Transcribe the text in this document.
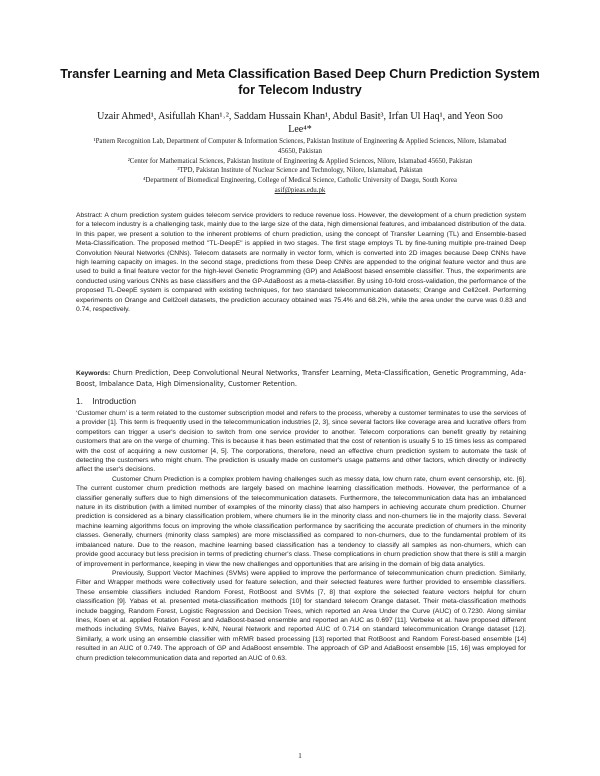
Transfer Learning and Meta Classification Based Deep Churn Prediction System for Telecom Industry
Uzair Ahmed¹, Asifullah Khan¹˒², Saddam Hussain Khan¹, Abdul Basit³, Irfan Ul Haq¹, and Yeon Soo Lee⁴*
¹Pattern Recognition Lab, Department of Computer & Information Sciences, Pakistan Institute of Engineering & Applied Sciences, Nilore, Islamabad 45650, Pakistan
²Center for Mathematical Sciences, Pakistan Institute of Engineering & Applied Sciences, Nilore, Islamabad 45650, Pakistan
³TPD, Pakistan Institute of Nuclear Science and Technology, Nilore, Islamabad, Pakistan
⁴Department of Biomedical Engineering, College of Medical Science, Catholic University of Daegu, South Korea
asif@pieas.edu.pk
Abstract: A churn prediction system guides telecom service providers to reduce revenue loss. However, the development of a churn prediction system for a telecom industry is a challenging task, mainly due to the large size of the data, high dimensional features, and imbalanced distribution of the data. In this paper, we present a solution to the inherent problems of churn prediction, using the concept of Transfer Learning (TL) and Ensemble-based Meta-Classification. The proposed method "TL-DeepE" is applied in two stages. The first stage employs TL by fine-tuning multiple pre-trained Deep Convolution Neural Networks (CNNs). Telecom datasets are normally in vector form, which is converted into 2D images because Deep CNNs have high learning capacity on images. In the second stage, predictions from these Deep CNNs are appended to the original feature vector and thus are used to build a final feature vector for the high-level Genetic Programming (GP) and AdaBoost based ensemble classifier. Thus, the experiments are conducted using various CNNs as base classifiers and the GP-AdaBoost as a meta-classifier. By using 10-fold cross-validation, the performance of the proposed TL-DeepE system is compared with existing techniques, for two standard telecommunication datasets; Orange and Cell2cell. Performing experiments on Orange and Cell2cell datasets, the prediction accuracy obtained was 75.4% and 68.2%, while the area under the curve was 0.83 and 0.74, respectively.
Keywords: Churn Prediction, Deep Convolutional Neural Networks, Transfer Learning, Meta-Classification, Genetic Programming, Ada-Boost, Imbalance Data, High Dimensionality, Customer Retention.
1. Introduction

‘Customer churn’ is a term related to the customer subscription model and refers to the process, whereby a customer terminates to use the services of a provider [1]. This term is frequently used in the telecommunication industries [2, 3], since several factors like coverage area and lucrative offers from competitors can trigger a user's decision to switch from one service provider to another. Telecom corporations can benefit greatly by retaining customers that are on the verge of churning. This is because it has been estimated that the cost of retention is usually 5 to 15 times less as compared with the cost of acquiring a new customer [4, 5]. The corporations, therefore, need an effective churn prediction system to automate the task of detecting the customers who might churn. The prediction is usually made on customer's usage patterns and other factors, which directly or indirectly affect the user's decisions.

Customer Churn Prediction is a complex problem having challenges such as messy data, low churn rate, churn event censorship, etc. [6]. The current customer churn prediction methods are largely based on machine learning classification methods. However, the performance of a classifier generally suffers due to high dimensions of the telecommunication datasets. Furthermore, the telecommunication data has an imbalanced nature in its distribution (with a limited number of examples of the minority class) that also hampers in achieving accurate churn prediction. Churner prediction is considered as a binary classification problem, where churners lie in the minority class and non-churners lie in the majority class. Several machine learning algorithms focus on improving the whole classification performance by sacrificing the accurate prediction of churners in the minority classes. Generally, churners (minority class samples) are more misclassified as compared to non-churners, due to the fundamental problem of its imbalanced nature. Due to the reason, machine learning based classification has a tendency to classify all samples as non-churners, which can provide good accuracy but less precision in terms of predicting churner's class. These complications in churn prediction show that there is still a margin of improvement in performance, keeping in view the new challenges and opportunities that are arising in the domain of big data analytics.

Previously, Support Vector Machines (SVMs) were applied to improve the performance of telecommunication churn prediction. Similarly, Filter and Wrapper methods were collectively used for feature selection, and their selected features were further provided to ensemble classifiers. These ensemble classifiers included Random Forest, RotBoost and SVMs [7, 8] that explore the selected feature vectors helpful for churn classification [9]. Yabas et al. presented meta-classification methods [10] for standard telecom Orange dataset. Their meta-classification methods include bagging, Random Forest, Logistic Regression and Decision Trees, which reported an Area Under the Curve (AUC) of 0.7230. Along similar lines, Koen et al. applied Rotation Forest and AdaBoost-based ensemble and reported an AUC as 0.697 [11]. Verbeke et al. have proposed different methods including SVMs, Naïve Bayes, k-NN, Neural Network and reported AUC of 0.714 on standard telecommunication Orange dataset [12]. Similarly, a work using an ensemble classifier with mRMR based processing [13] reported that RotBoost and Random Forest-based ensemble [14] resulted in an AUC of 0.749. The approach of GP and AdaBoost ensemble. The approach of GP and AdaBoost ensemble [15, 16] was employed for churn prediction telecommunication data and reported an AUC of 0.63.

1
